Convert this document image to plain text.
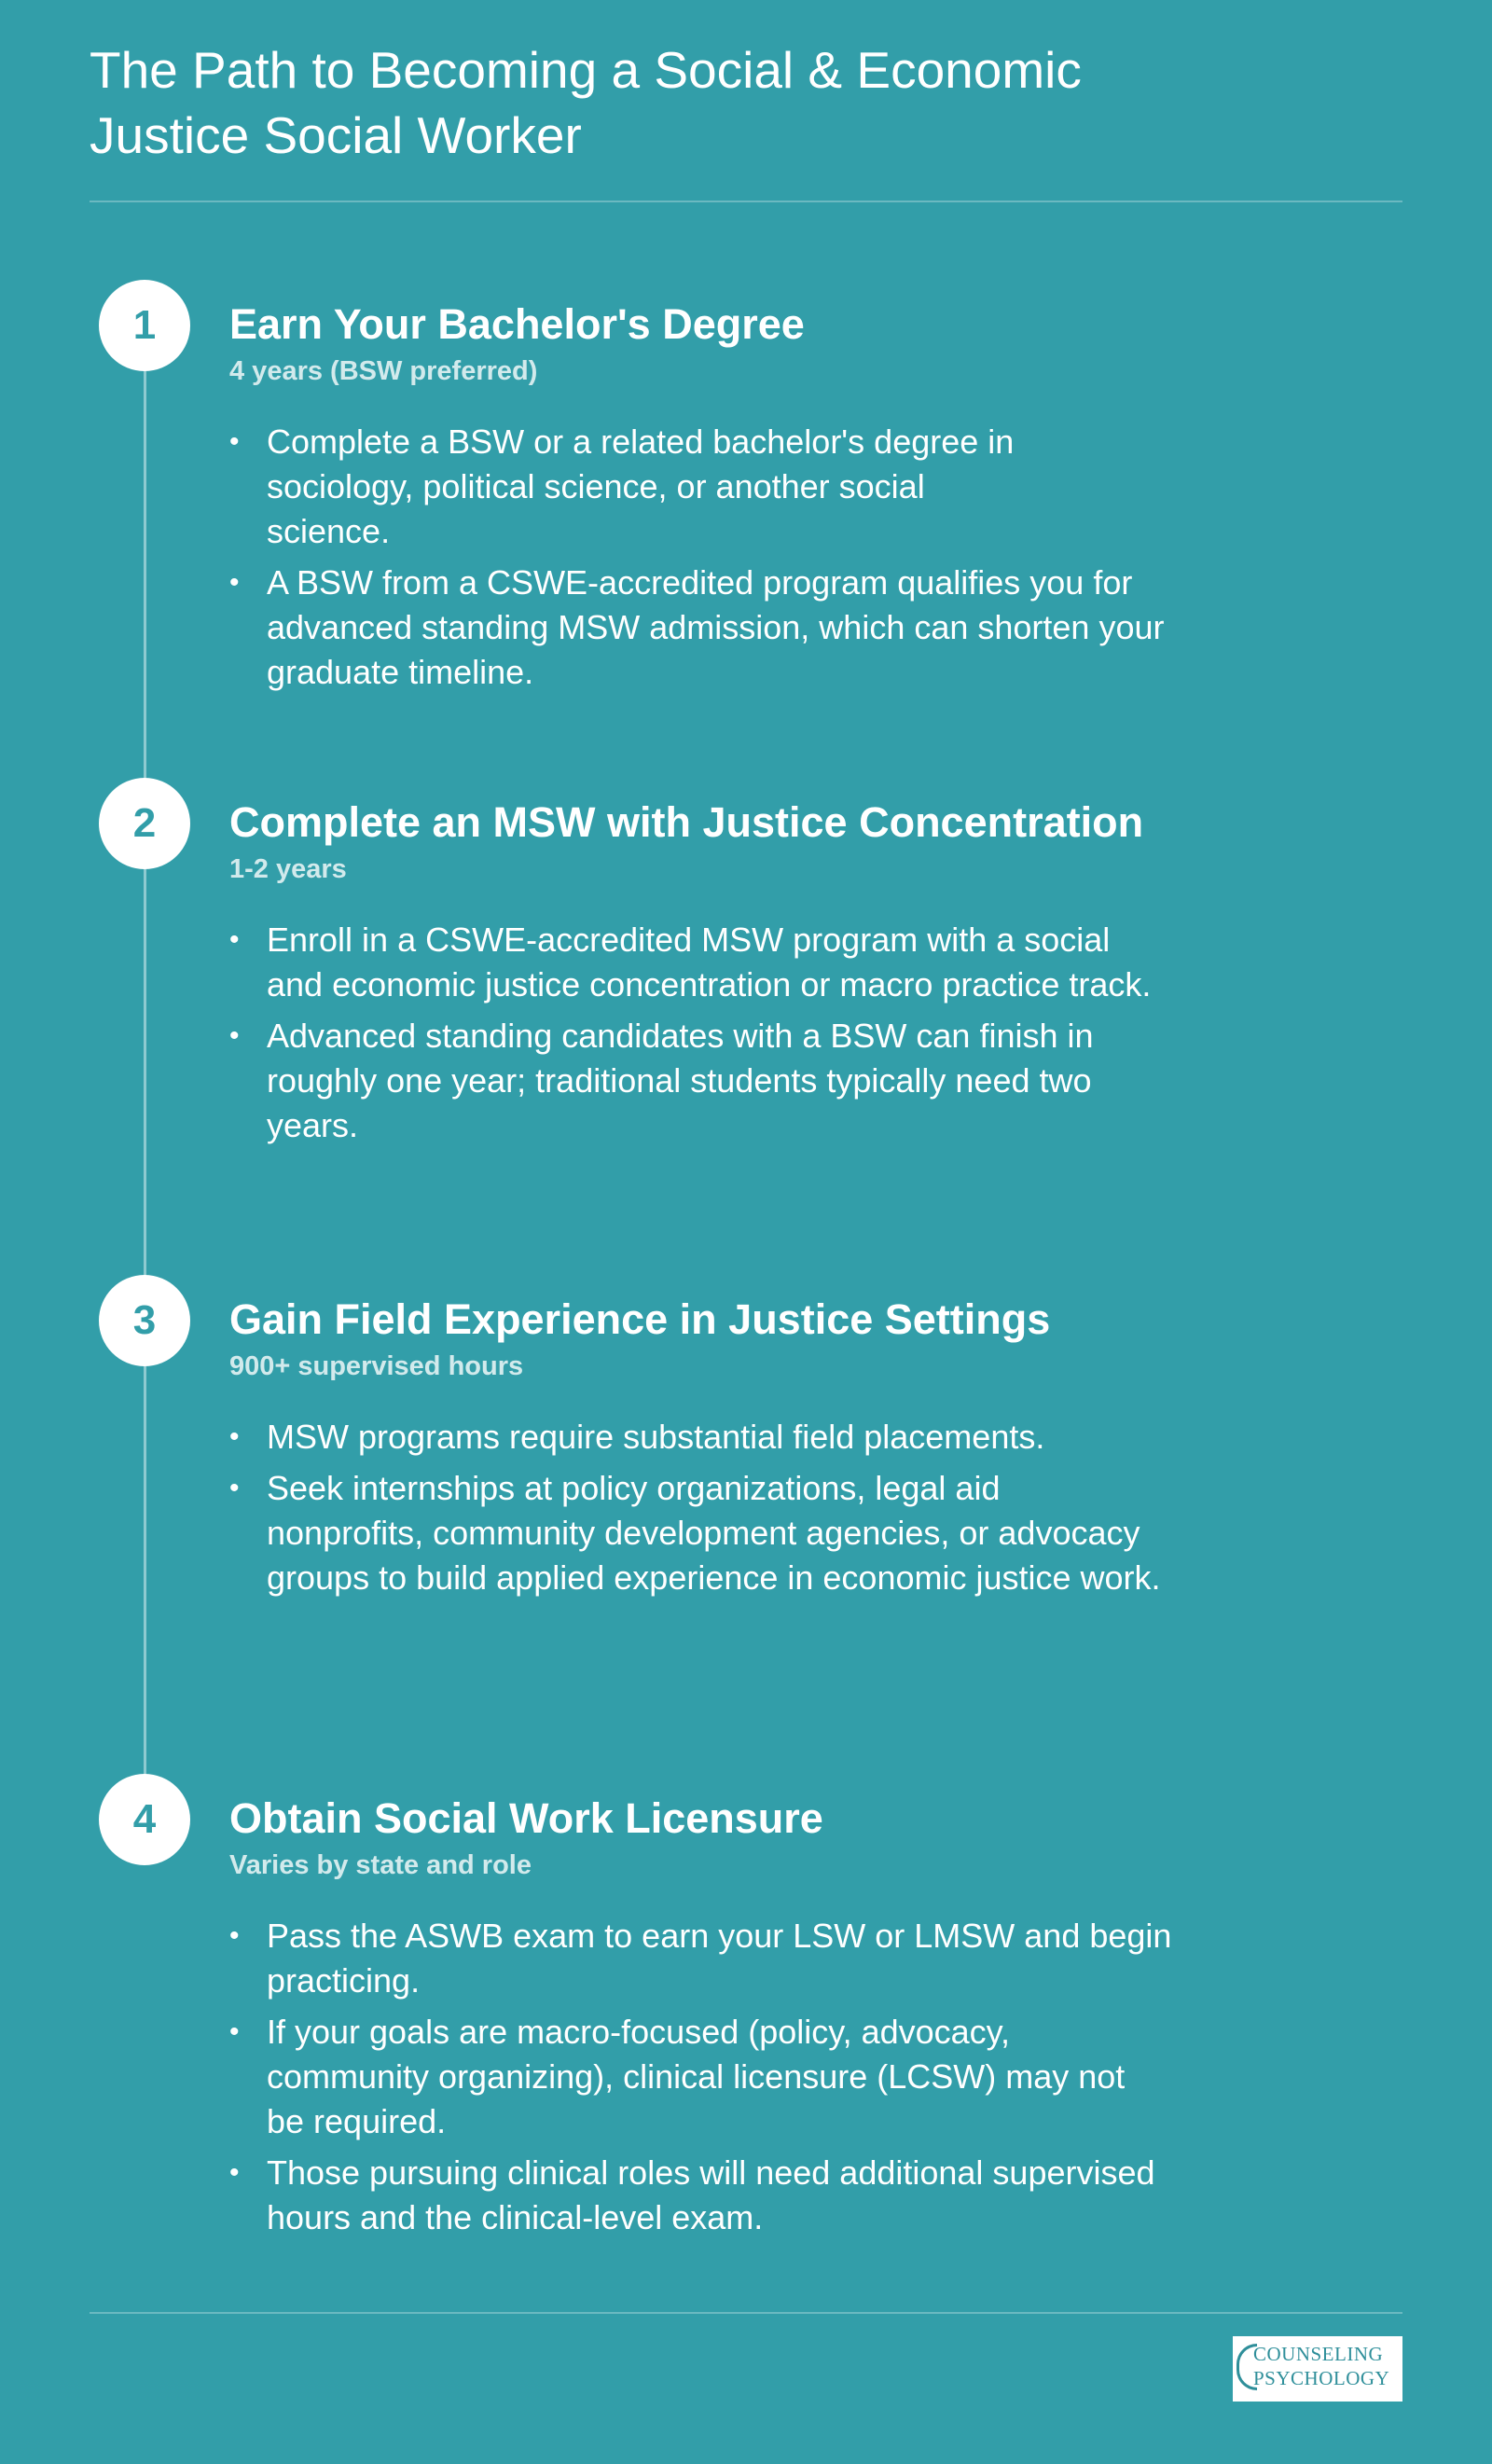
The Path to Becoming a Social & Economic
Justice Social Worker
1	Earn Your Bachelor's Degree
4 years (BSW preferred)
• Complete a BSW or a related bachelor's degree in sociology, political science, or another social science.
• A BSW from a CSWE-accredited program qualifies you for advanced standing MSW admission, which can shorten your graduate timeline.
2	Complete an MSW with Justice Concentration
1-2 years
• Enroll in a CSWE-accredited MSW program with a social and economic justice concentration or macro practice track.
• Advanced standing candidates with a BSW can finish in roughly one year; traditional students typically need two years.
3	Gain Field Experience in Justice Settings
900+ supervised hours
• MSW programs require substantial field placements.
• Seek internships at policy organizations, legal aid nonprofits, community development agencies, or advocacy groups to build applied experience in economic justice work.
4	Obtain Social Work Licensure
Varies by state and role
• Pass the ASWB exam to earn your LSW or LMSW and begin practicing.
• If your goals are macro-focused (policy, advocacy, community organizing), clinical licensure (LCSW) may not be required.
• Those pursuing clinical roles will need additional supervised hours and the clinical-level exam.
COUNSELING
PSYCHOLOGY
